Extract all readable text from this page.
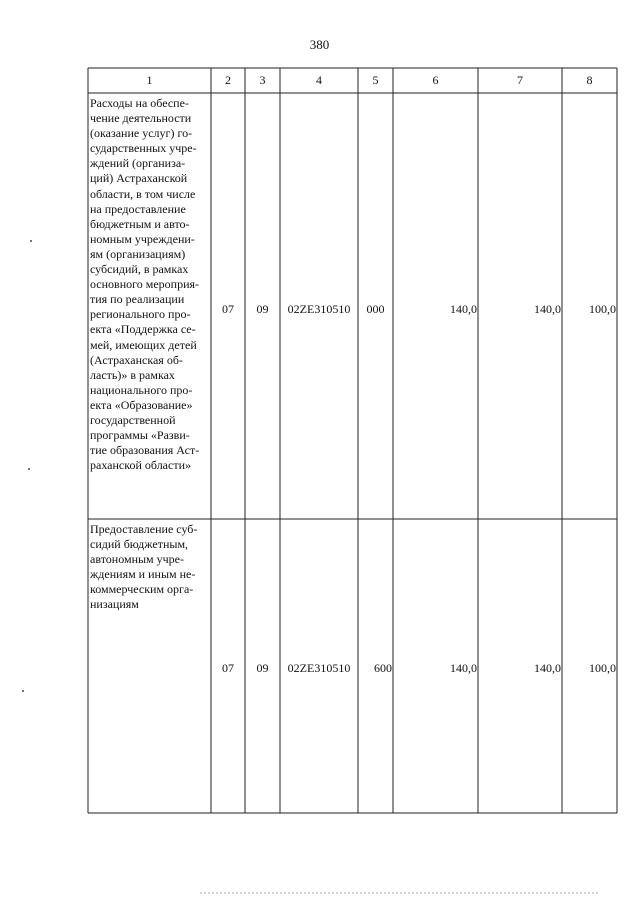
380
1	2	3	4	5	6	7	8
Расходы на обеспе-
чение деятельности
(оказание услуг) го-
сударственных учре-
ждений (организа-
ций) Астраханской
области, в том числе
на предоставление
бюджетным и авто-
номным учреждени-
ям (организациям)
субсидий, в рамках
основного мероприя-
тия по реализации
регионального про-
екта «Поддержка се-
мей, имеющих детей
(Астраханская об-
ласть)» в рамках
национального про-
екта «Образование»
государственной
программы «Разви-
тие образования Аст-
раханской области»
07	09	02ZE310510	000	140,0	140,0	100,0
Предоставление суб-
сидий бюджетным,
автономным учре-
ждениям и иным не-
коммерческим орга-
низациям
07	09	02ZE310510	600	140,0	140,0	100,0
